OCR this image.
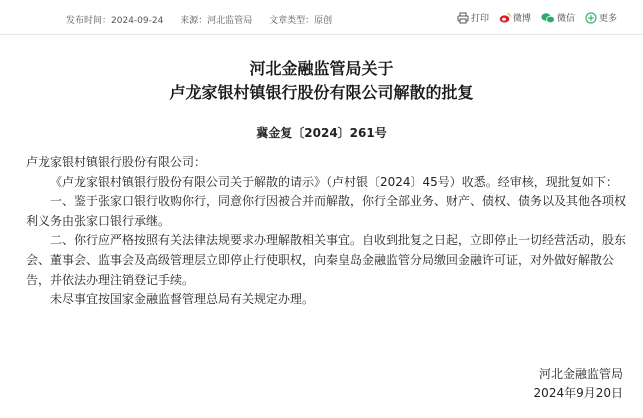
发布时间：2024-09-24 来源：河北监管局 文章类型：原创	打印	微博	微信	更多
河北金融监管局关于
卢龙家银村镇银行股份有限公司解散的批复
冀金复〔2024〕261号

卢龙家银村镇银行股份有限公司：

《卢龙家银村镇银行股份有限公司关于解散的请示》（卢村银〔2024〕45号）收悉。经审核，现批复如下：

一、鉴于张家口银行收购你行，同意你行因被合并而解散，你行全部业务、财产、债权、债务以及其他各项权利义务由张家口银行承继。

二、你行应严格按照有关法律法规要求办理解散相关事宜。自收到批复之日起，立即停止一切经营活动，股东会、董事会、监事会及高级管理层立即停止行使职权，向秦皇岛金融监管分局缴回金融许可证，对外做好解散公告，并依法办理注销登记手续。

未尽事宜按国家金融监督管理总局有关规定办理。

河北金融监管局
2024年9月20日
